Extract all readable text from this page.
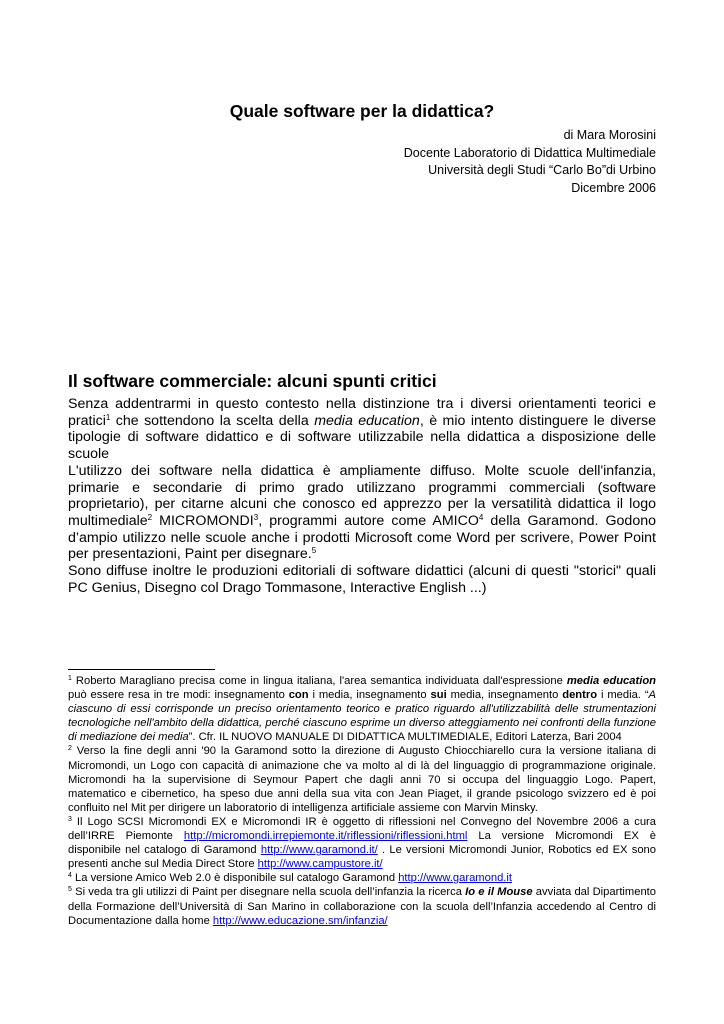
Quale software per la didattica?
di Mara Morosini
Docente Laboratorio di Didattica Multimediale
Università degli Studi “Carlo Bo”di Urbino
Dicembre 2006
Il software commerciale: alcuni spunti critici

Senza addentrarmi in questo contesto nella distinzione tra i diversi orientamenti teorici e pratici$^1$ che sottendono la scelta della media education, è mio intento distinguere le diverse tipologie di software didattico e di software utilizzabile nella didattica a disposizione delle scuole

L'utilizzo dei software nella didattica è ampliamente diffuso. Molte scuole dell'infanzia, primarie e secondarie di primo grado utilizzano programmi commerciali (software proprietario), per citarne alcuni che conosco ed apprezzo per la versatilità didattica il logo multimediale$^2$ MICROMONDI$^3$, programmi autore come AMICO$^4$ della Garamond. Godono d’ampio utilizzo nelle scuole anche i prodotti Microsoft come Word per scrivere, Power Point per presentazioni, Paint per disegnare.$^5$

Sono diffuse inoltre le produzioni editoriali di software didattici (alcuni di questi "storici" quali PC Genius, Disegno col Drago Tommasone, Interactive English ...)

$^1$ Roberto Maragliano precisa come in lingua italiana, l'area semantica individuata dall'espressione media education può essere resa in tre modi: insegnamento con i media, insegnamento sui media, insegnamento dentro i media. “A ciascuno di essi corrisponde un preciso orientamento teorico e pratico riguardo all'utilizzabilità delle strumentazioni tecnologiche nell'ambito della didattica, perché ciascuno esprime un diverso atteggiamento nei confronti della funzione di mediazione dei media”. Cfr. IL NUOVO MANUALE DI DIDATTICA MULTIMEDIALE, Editori Laterza, Bari 2004

$^2$ Verso la fine degli anni '90 la Garamond sotto la direzione di Augusto Chiocchiarello cura la versione italiana di Micromondi, un Logo con capacità di animazione che va molto al di là del linguaggio di programmazione originale. Micromondi ha la supervisione di Seymour Papert che dagli anni 70 si occupa del linguaggio Logo. Papert, matematico e cibernetico, ha speso due anni della sua vita con Jean Piaget, il grande psicologo svizzero ed è poi confluito nel Mit per dirigere un laboratorio di intelligenza artificiale assieme con Marvin Minsky.

$^3$ Il Logo SCSI Micromondi EX e Micromondi IR è oggetto di riflessioni nel Convegno del Novembre 2006 a cura dell’IRRE Piemonte http://micromondi.irrepiemonte.it/riflessioni/riflessioni.html La versione Micromondi EX è disponibile nel catalogo di Garamond http://www.garamond.it/ . Le versioni Micromondi Junior, Robotics ed EX sono presenti anche sul Media Direct Store http://www.campustore.it/

$^4$ La versione Amico Web 2.0 è disponibile sul catalogo Garamond http://www.garamond.it

$^5$ Si veda tra gli utilizzi di Paint per disegnare nella scuola dell’infanzia la ricerca Io e il Mouse avviata dal Dipartimento della Formazione dell’Università di San Marino in collaborazione con la scuola dell’Infanzia accedendo al Centro di Documentazione dalla home http://www.educazione.sm/infanzia/
